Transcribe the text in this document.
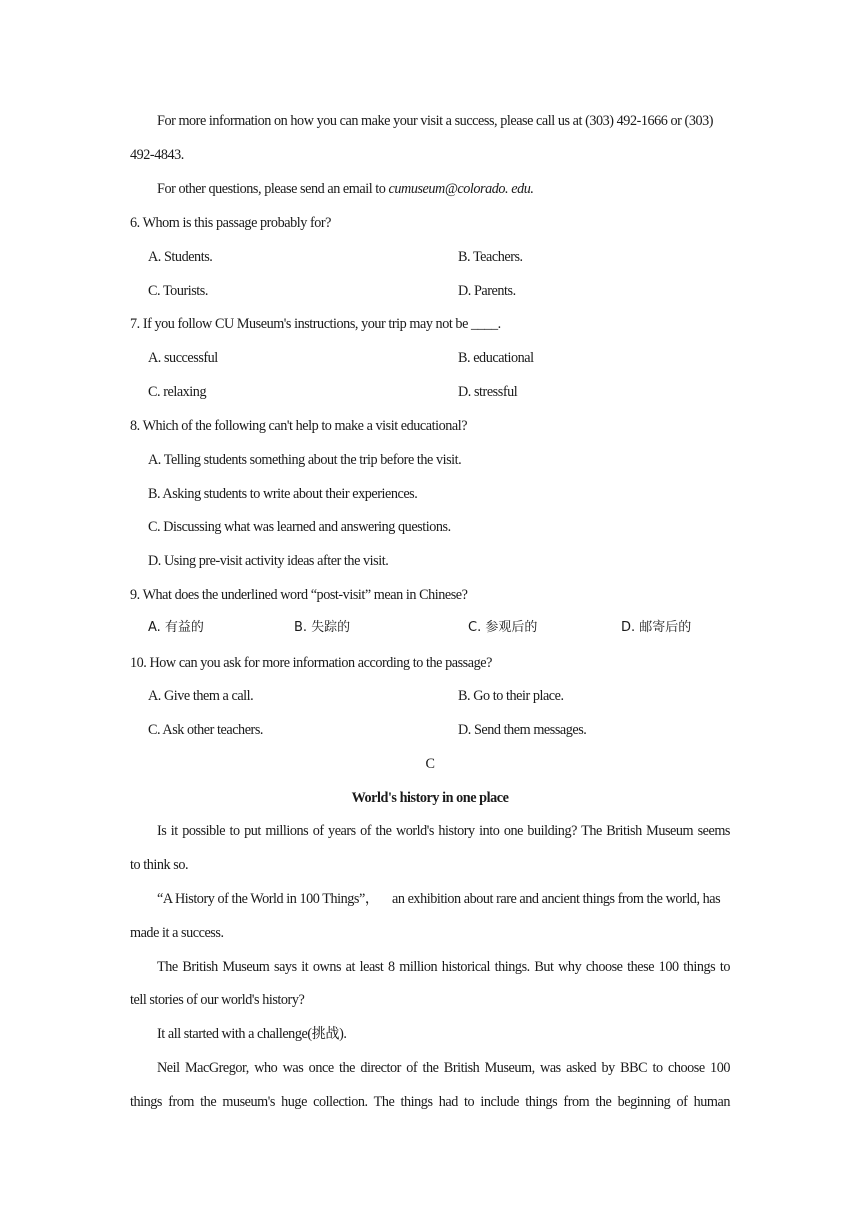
For more information on how you can make your visit a success, please call us at (303) 492-1666 or (303)
492-4843.
For other questions, please send an email to cumuseum@colorado. edu.
6. Whom is this passage probably for?
A. Students.	B. Teachers.
C. Tourists.	D. Parents.
7. If you follow CU Museum's instructions, your trip may not be ____.
A. successful	B. educational
C. relaxing	D. stressful
8. Which of the following can't help to make a visit educational?
A. Telling students something about the trip before the visit.
B. Asking students to write about their experiences.
C. Discussing what was learned and answering questions.
D. Using pre-visit activity ideas after the visit.
9. What does the underlined word “post-visit” mean in Chinese?
A. 有益的	B. 失踪的	C. 参观后的	D. 邮寄后的
10. How can you ask for more information according to the passage?
A. Give them a call.	B. Go to their place.
C. Ask other teachers.	D. Send them messages.
C
World's history in one place
Is it possible to put millions of years of the world's history into one building? The British Museum seems
to think so.
“A History of the World in 100 Things”， an exhibition about rare and ancient things from the world, has
made it a success.
The British Museum says it owns at least 8 million historical things. But why choose these 100 things to
tell stories of our world's history?
It all started with a challenge(挑战).
Neil MacGregor, who was once the director of the British Museum, was asked by BBC to choose 100
things from the museum's huge collection. The things had to include things from the beginning of human
